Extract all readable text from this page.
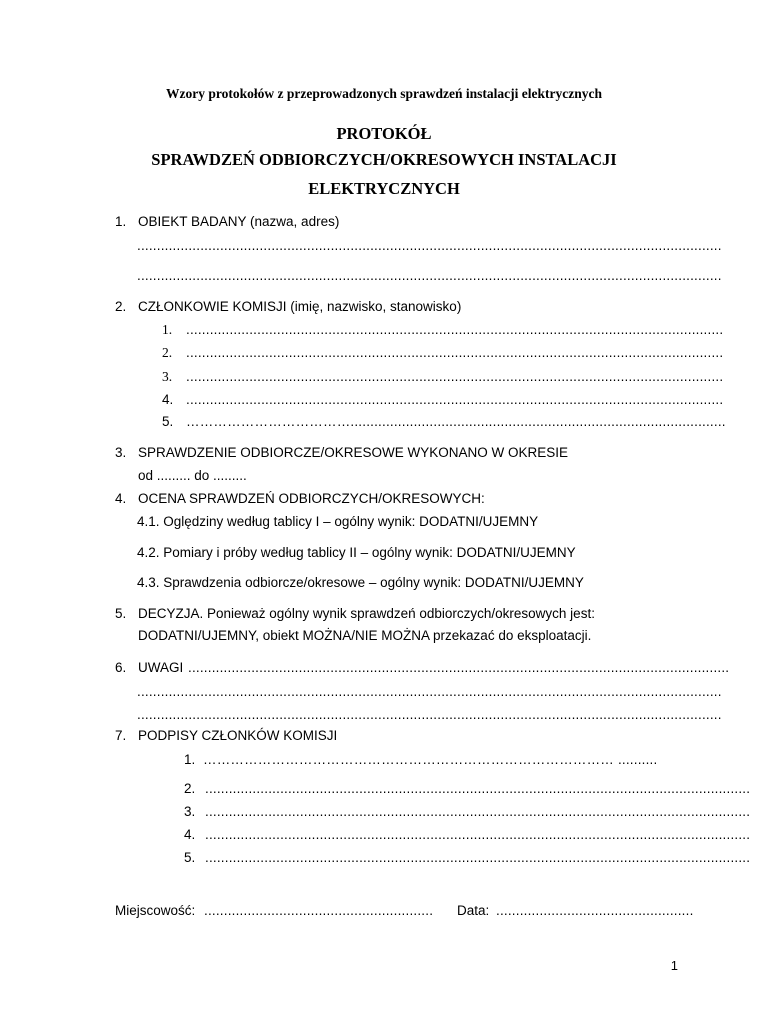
Wzory protokołów z przeprowadzonych sprawdzeń instalacji elektrycznych
PROTOKÓŁ
SPRAWDZEŃ ODBIORCZYCH/OKRESOWYCH INSTALACJI
ELEKTRYCZNYCH
1. OBIEKT BADANY (nazwa, adres)
....................................................................................................................................................
....................................................................................................................................................
2. CZŁONKOWIE KOMISJI (imię, nazwisko, stanowisko)
1. ........................................................................................................................................
2. ........................................................................................................................................
3. ........................................................................................................................................
4. ........................................................................................................................................
5. ………………………………...............................................................................................
3. SPRAWDZENIE ODBIORCZE/OKRESOWE WYKONANO W OKRESIE
od ......... do .........
4. OCENA SPRAWDZEŃ ODBIORCZYCH/OKRESOWYCH:
4.1. Oględziny według tablicy I – ogólny wynik: DODATNI/UJEMNY
4.2. Pomiary i próby według tablicy II – ogólny wynik: DODATNI/UJEMNY
4.3. Sprawdzenia odbiorcze/okresowe – ogólny wynik: DODATNI/UJEMNY
5. DECYZJA. Ponieważ ogólny wynik sprawdzeń odbiorczych/okresowych jest:
DODATNI/UJEMNY, obiekt MOŻNA/NIE MOŻNA przekazać do eksploatacji.
6. UWAGI .........................................................................................................................................
....................................................................................................................................................
....................................................................................................................................................
7. PODPISY CZŁONKÓW KOMISJI
1. ……………………………………………………………………………… ..........
2. ..........................................................................................................................................
3. ..........................................................................................................................................
4. ..........................................................................................................................................
5. ..........................................................................................................................................
Miejscowość: .......................................................... Data: ..................................................
1
